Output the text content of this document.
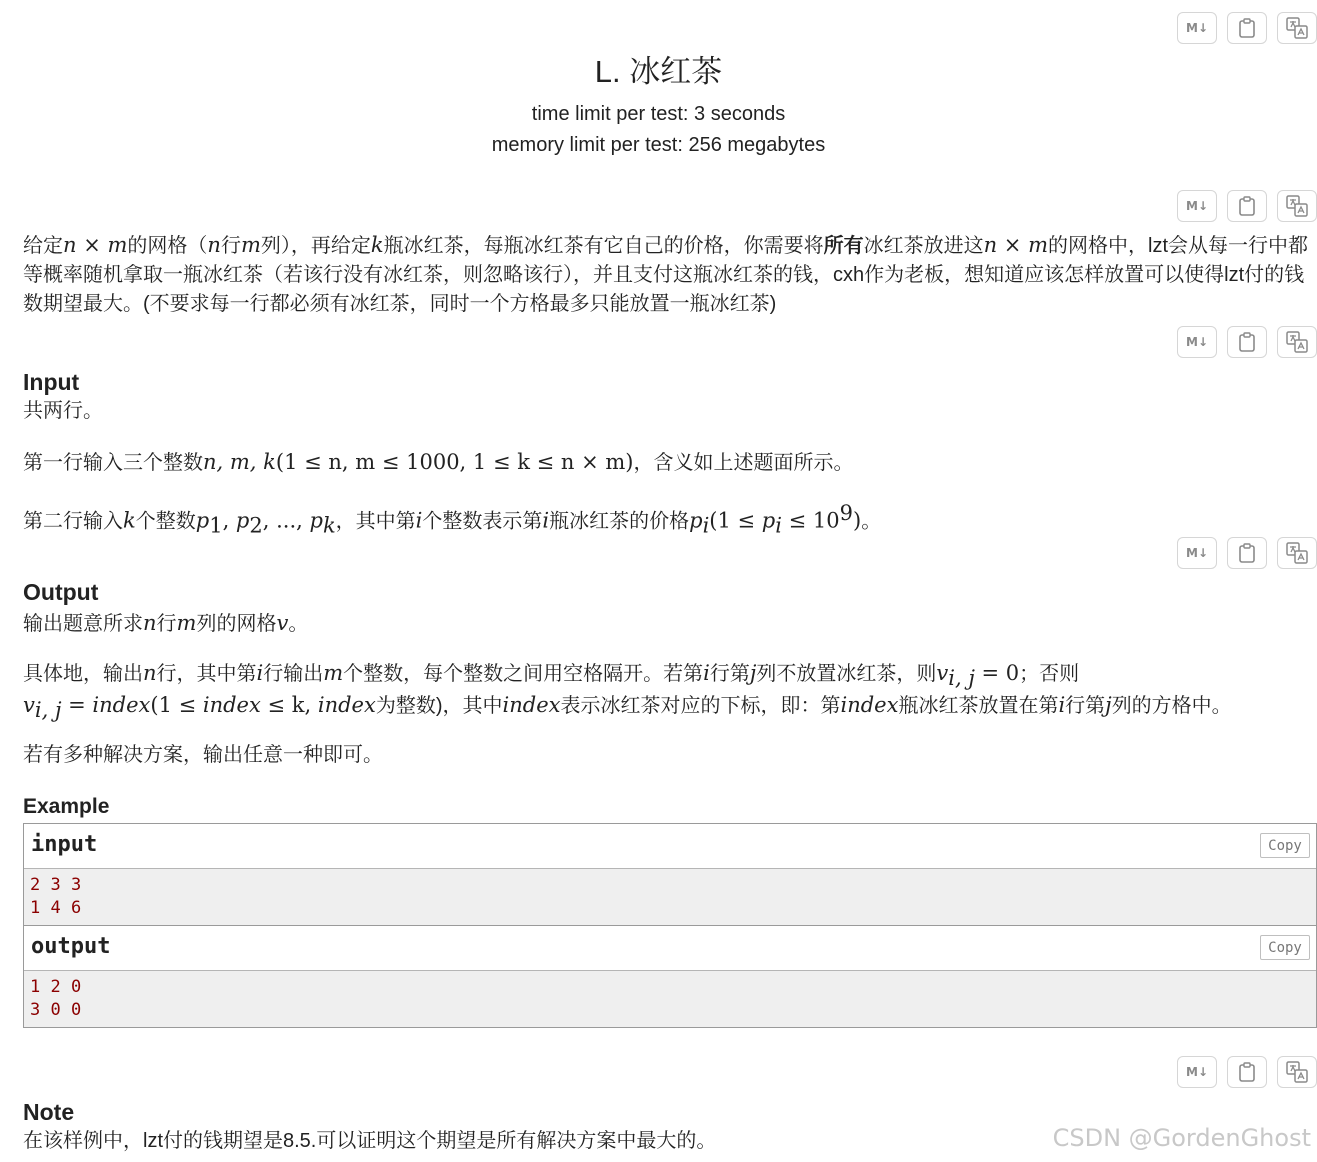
M↓
L. 冰红茶
time limit per test: 3 seconds
memory limit per test: 256 megabytes
M↓
给定n × m的网格（n行m列），再给定k瓶冰红茶，每瓶冰红茶有它自己的价格，你需要将所有冰红茶放进这n × m的网格中，lzt会从每一行中都等概率随机拿取一瓶冰红茶（若该行没有冰红茶，则忽略该行），并且支付这瓶冰红茶的钱，cxh作为老板，想知道应该怎样放置可以使得lzt付的钱数期望最大。(不要求每一行都必须有冰红茶，同时一个方格最多只能放置一瓶冰红茶)
M↓
Input
共两行。
第一行输入三个整数n, m, k(1 ≤ n, m ≤ 1000, 1 ≤ k ≤ n × m)，含义如上述题面所示。
第二行输入k个整数$p_1$, $p_2$, ..., $p_k$，其中第i个整数表示第i瓶冰红茶的价格$p_i(1 \le p_i \le 10^9)$。
M↓
Output
输出题意所求n行m列的网格v。
具体地，输出n行，其中第i行输出m个整数，每个整数之间用空格隔开。若第i行第j列不放置冰红茶，则$v_{i, j} = 0$；否则
$v_{i, j}$ = index(1 ≤ index ≤ k, index为整数)，其中index表示冰红茶对应的下标，即：第index瓶冰红茶放置在第i行第j列的方格中。
若有多种解决方案，输出任意一种即可。
Example
input	Copy
2 3 3
1 4 6
output	Copy
1 2 0
3 0 0
M↓
Note
在该样例中，lzt付的钱期望是8.5.可以证明这个期望是所有解决方案中最大的。	CSDN @GordenGhost
